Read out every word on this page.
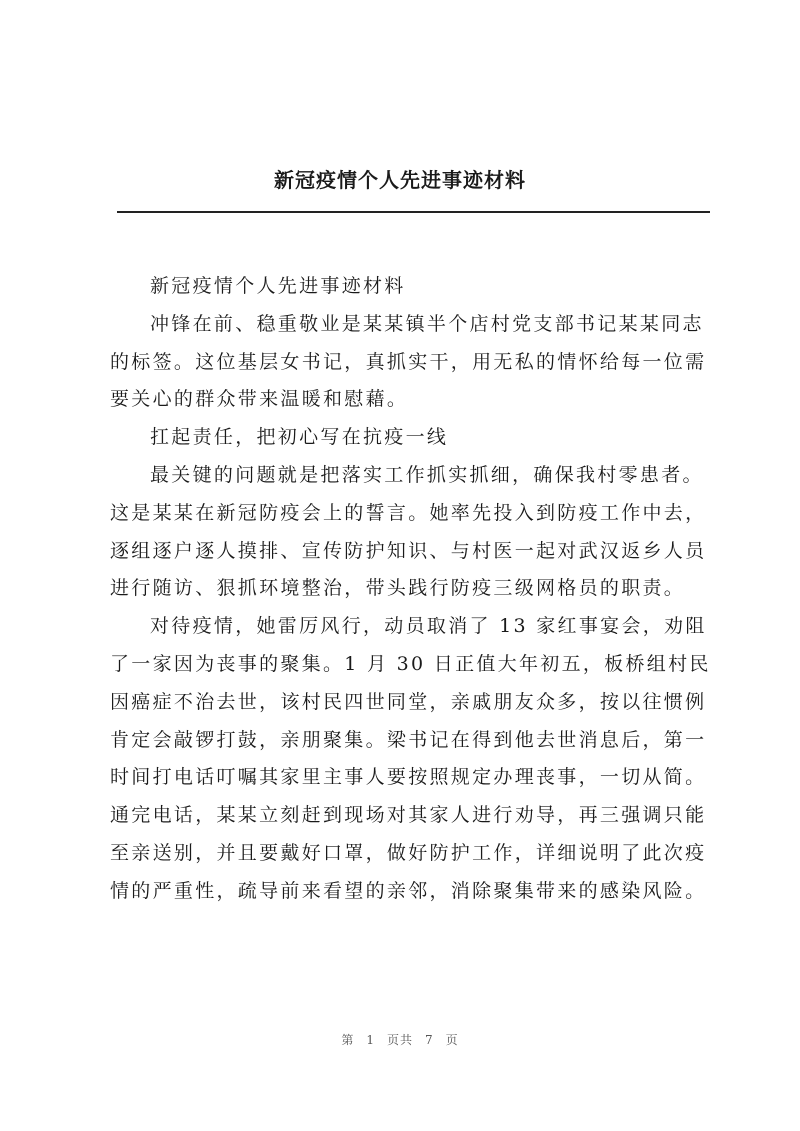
新冠疫情个人先进事迹材料
新冠疫情个人先进事迹材料
冲锋在前、稳重敬业是某某镇半个店村党支部书记某某同志
的标签。这位基层女书记，真抓实干，用无私的情怀给每一位需
要关心的群众带来温暖和慰藉。
扛起责任，把初心写在抗疫一线
最关键的问题就是把落实工作抓实抓细，确保我村零患者。
这是某某在新冠防疫会上的誓言。她率先投入到防疫工作中去，
逐组逐户逐人摸排、宣传防护知识、与村医一起对武汉返乡人员
进行随访、狠抓环境整治，带头践行防疫三级网格员的职责。
对待疫情，她雷厉风行，动员取消了 13 家红事宴会，劝阻
了一家因为丧事的聚集。1 月 30 日正值大年初五，板桥组村民
因癌症不治去世，该村民四世同堂，亲戚朋友众多，按以往惯例
肯定会敲锣打鼓，亲朋聚集。梁书记在得到他去世消息后，第一
时间打电话叮嘱其家里主事人要按照规定办理丧事，一切从简。
通完电话，某某立刻赶到现场对其家人进行劝导，再三强调只能
至亲送别，并且要戴好口罩，做好防护工作，详细说明了此次疫
情的严重性，疏导前来看望的亲邻，消除聚集带来的感染风险。
第 1 页共 7 页
